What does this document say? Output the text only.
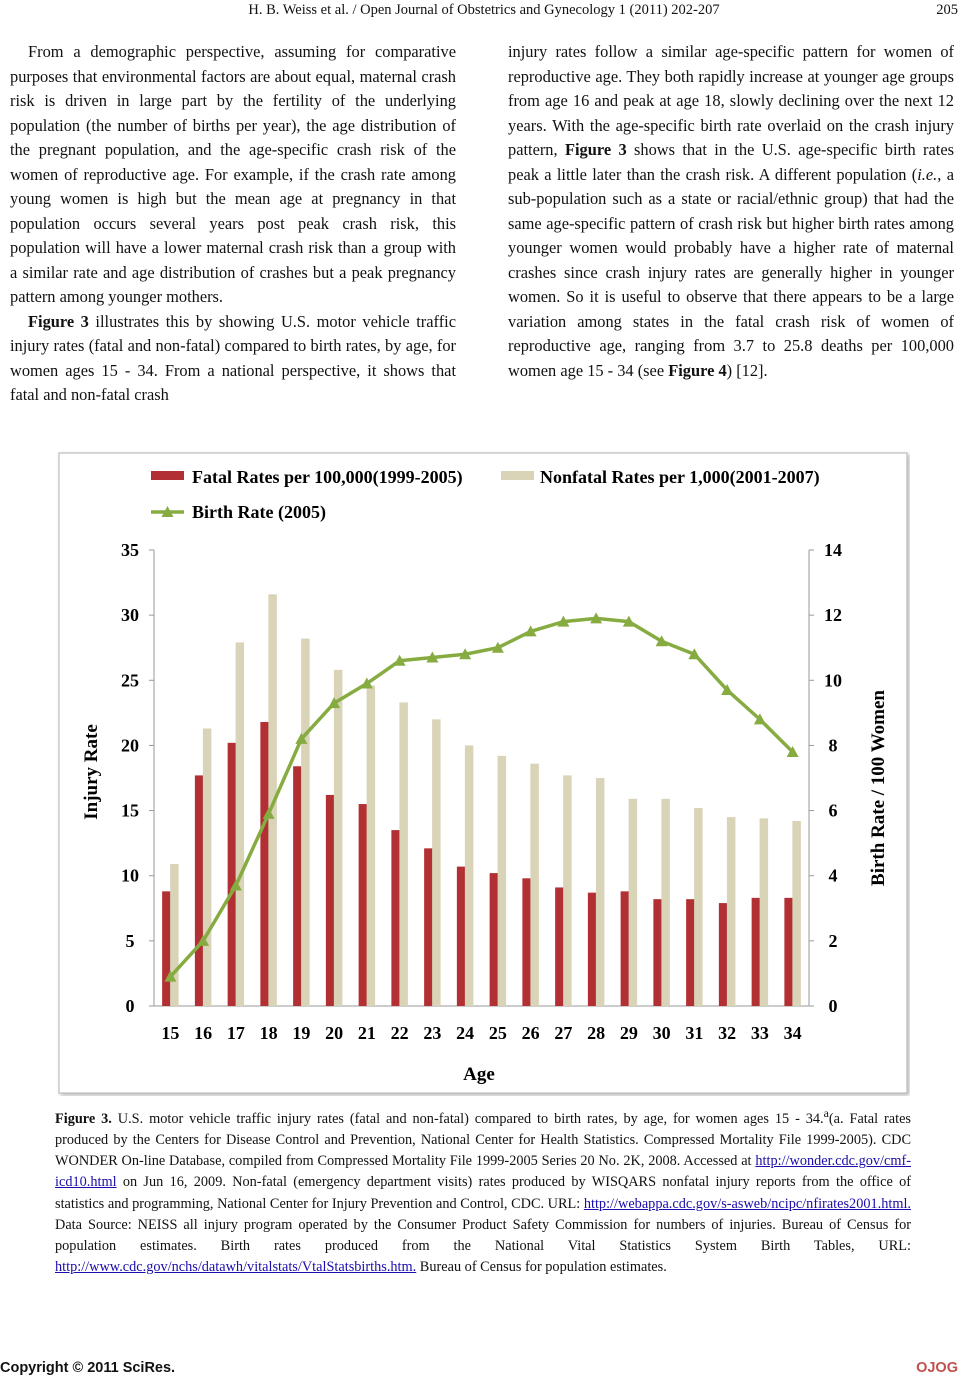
H. B. Weiss et al. / Open Journal of Obstetrics and Gynecology 1 (2011) 202-207	205

From a demographic perspective, assuming for comparative purposes that environmental factors are about equal, maternal crash risk is driven in large part by the fertility of the underlying population (the number of births per year), the age distribution of the pregnant population, and the age-specific crash risk of the women of reproductive age. For example, if the crash rate among young women is high but the mean age at pregnancy in that population occurs several years post peak crash risk, this population will have a lower maternal crash risk than a group with a similar rate and age distribution of crashes but a peak pregnancy pattern among younger mothers.

Figure 3 illustrates this by showing U.S. motor vehicle traffic injury rates (fatal and non-fatal) compared to birth rates, by age, for women ages 15 - 34. From a national perspective, it shows that fatal and non-fatal crash

injury rates follow a similar age-specific pattern for women of reproductive age. They both rapidly increase at younger age groups from age 16 and peak at age 18, slowly declining over the next 12 years. With the age-specific birth rate overlaid on the crash injury pattern, Figure 3 shows that in the U.S. age-specific birth rates peak a little later than the crash risk. A different population (i.e., a sub-population such as a state or racial/ethnic group) that had the same age-specific pattern of crash risk but higher birth rates among younger women would probably have a higher rate of maternal crashes since crash injury rates are generally higher in younger women. So it is useful to observe that there appears to be a large variation among states in the fatal crash risk of women of reproductive age, ranging from 3.7 to 25.8 deaths per 100,000 women age 15 - 34 (see Figure 4) [12].

Fatal Rates per 100,000(1999-2005)	Nonfatal Rates per 1,000(2001-2007)
Birth Rate (2005)
0
5
10
15
20
25
30
35
0
2
4
6
8
10
12
14
15 16 17 18 19 20 21 22 23 24 25 26 27 28 29 30 31 32 33 34
Injury Rate	Birth Rate / 100 Women
Age
Figure 3. U.S. motor vehicle traffic injury rates (fatal and non-fatal) compared to birth rates, by age, for women ages 15 - 34.$^a$(a. Fatal rates produced by the Centers for Disease Control and Prevention, National Center for Health Statistics. Compressed Mortality File 1999-2005). CDC WONDER On-line Database, compiled from Compressed Mortality File 1999-2005 Series 20 No. 2K, 2008. Accessed at http://wonder.cdc.gov/cmf-icd10.html on Jun 16, 2009. Non-fatal (emergency department visits) rates produced by WISQARS nonfatal injury reports from the office of statistics and programming, National Center for Injury Prevention and Control, CDC. URL: http://webappa.cdc.gov/s-asweb/ncipc/nfirates2001.html. Data Source: NEISS all injury program operated by the Consumer Product Safety Commission for numbers of injuries. Bureau of Census for population estimates. Birth rates produced from the National Vital Statistics System Birth Tables, URL: http://www.cdc.gov/nchs/datawh/vitalstats/VtalStatsbirths.htm. Bureau of Census for population estimates.
Copyright © 2011 SciRes.	OJOG
